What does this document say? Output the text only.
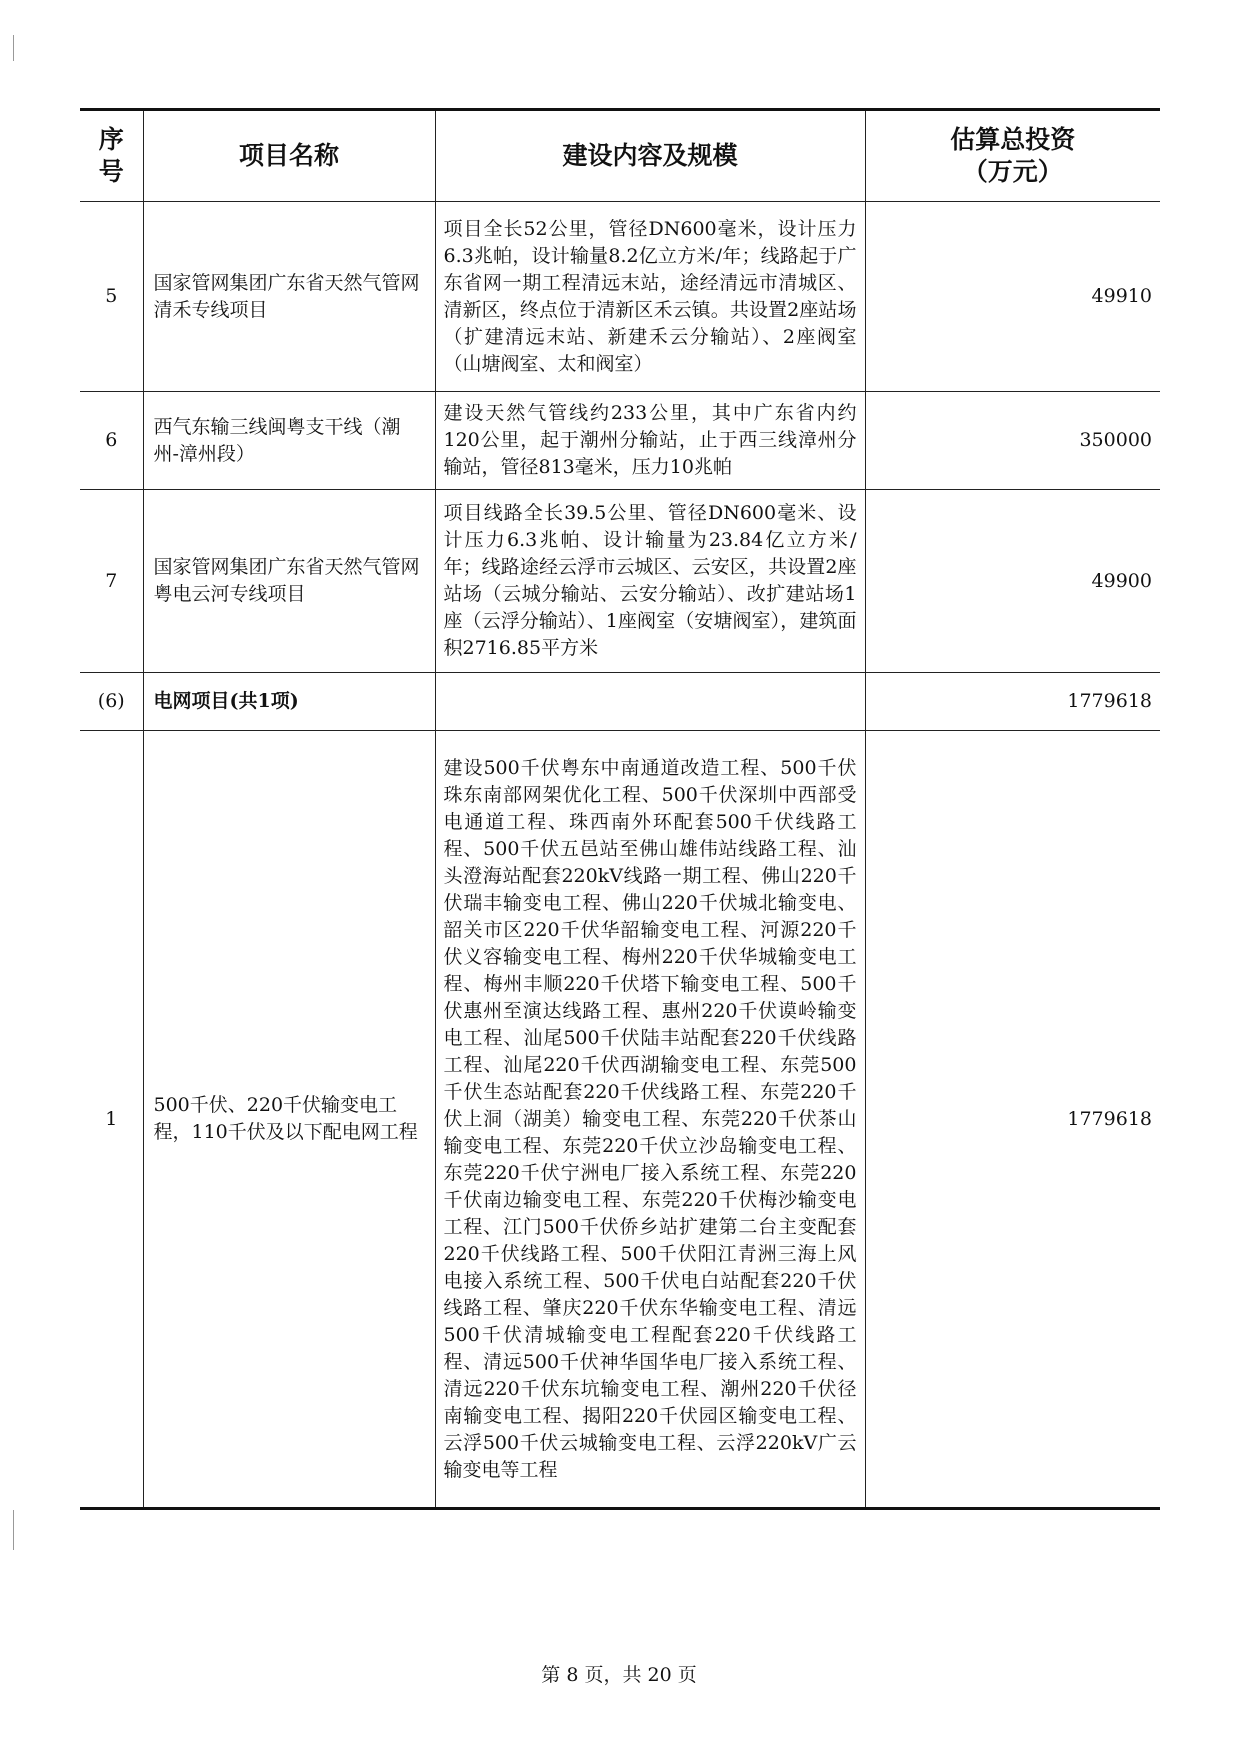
序号	项目名称	建设内容及规模	估算总投资（万元）
5	国家管网集团广东省天然气管网清禾专线项目	项目全长52公里，管径DN600毫米，设计压力6.3兆帕，设计输量8.2亿立方米/年；线路起于广东省网一期工程清远末站，途经清远市清城区、清新区，终点位于清新区禾云镇。共设置2座站场（扩建清远末站、新建禾云分输站）、2座阀室（山塘阀室、太和阀室）	49910
6	西气东输三线闽粤支干线（潮州-漳州段）	建设天然气管线约233公里，其中广东省内约120公里，起于潮州分输站，止于西三线漳州分输站，管径813毫米，压力10兆帕	350000
7	国家管网集团广东省天然气管网粤电云河专线项目	项目线路全长39.5公里、管径DN600毫米、设计压力6.3兆帕、设计输量为23.84亿立方米/年；线路途经云浮市云城区、云安区，共设置2座站场（云城分输站、云安分输站）、改扩建站场1座（云浮分输站）、1座阀室（安塘阀室），建筑面积2716.85平方米	49900
(6)	电网项目(共1项)		1779618
1	500千伏、220千伏输变电工程，110千伏及以下配电网工程	建设500千伏粤东中南通道改造工程、500千伏珠东南部网架优化工程、500千伏深圳中西部受电通道工程、珠西南外环配套500千伏线路工程、500千伏五邑站至佛山雄伟站线路工程、汕头澄海站配套220kV线路一期工程、佛山220千伏瑞丰输变电工程、佛山220千伏城北输变电、韶关市区220千伏华韶输变电工程、河源220千伏义容输变电工程、梅州220千伏华城输变电工程、梅州丰顺220千伏塔下输变电工程、500千伏惠州至演达线路工程、惠州220千伏谟岭输变电工程、汕尾500千伏陆丰站配套220千伏线路工程、汕尾220千伏西湖输变电工程、东莞500千伏生态站配套220千伏线路工程、东莞220千伏上洞（湖美）输变电工程、东莞220千伏茶山输变电工程、东莞220千伏立沙岛输变电工程、东莞220千伏宁洲电厂接入系统工程、东莞220千伏南边输变电工程、东莞220千伏梅沙输变电工程、江门500千伏侨乡站扩建第二台主变配套220千伏线路工程、500千伏阳江青洲三海上风电接入系统工程、500千伏电白站配套220千伏线路工程、肇庆220千伏东华输变电工程、清远500千伏清城输变电工程配套220千伏线路工程、清远500千伏神华国华电厂接入系统工程、清远220千伏东坑输变电工程、潮州220千伏径南输变电工程、揭阳220千伏园区输变电工程、云浮500千伏云城输变电工程、云浮220kV广云输变电等工程	1779618
第 8 页，共 20 页
